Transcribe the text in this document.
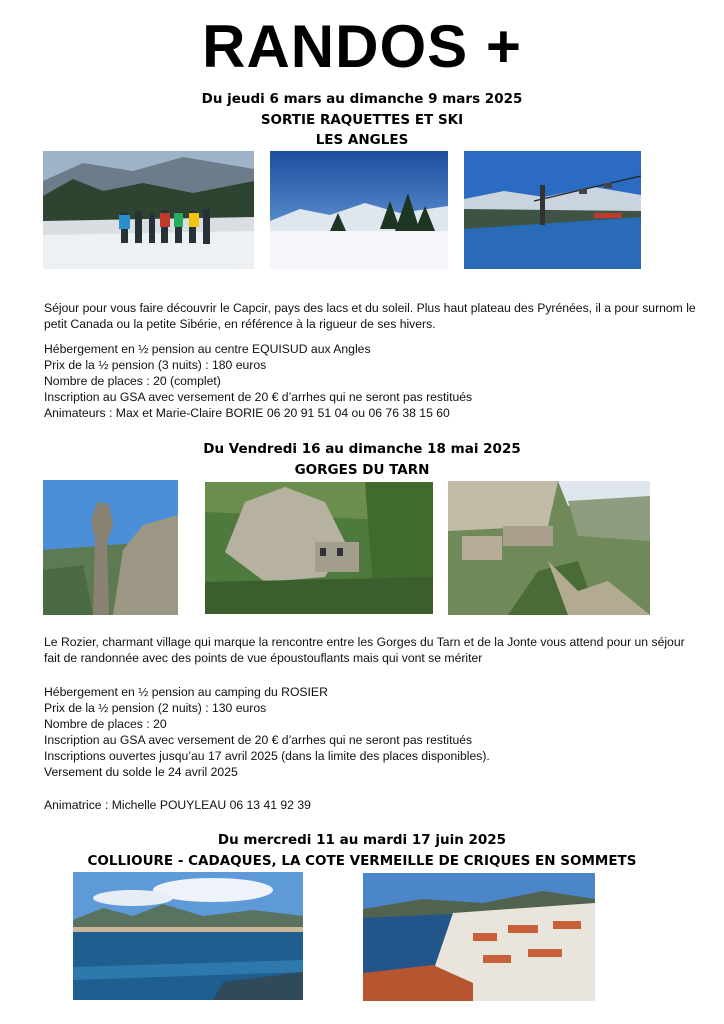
RANDOS +
Du jeudi 6 mars au dimanche 9 mars 2025
SORTIE RAQUETTES ET SKI
LES ANGLES
Séjour pour vous faire découvrir le Capcir, pays des lacs et du soleil. Plus haut plateau des Pyrénées, il a pour surnom le petit Canada ou la petite Sibérie, en référence à la rigueur de ses hivers.
Hébergement en ½ pension au centre EQUISUD aux Angles
Prix de la ½ pension (3 nuits) : 180 euros
Nombre de places : 20 (complet)
Inscription au GSA avec versement de 20 € d’arrhes qui ne seront pas restitués
Animateurs : Max et Marie-Claire BORIE 06 20 91 51 04 ou 06 76 38 15 60
Du Vendredi 16 au dimanche 18 mai 2025
GORGES DU TARN
Le Rozier, charmant village qui marque la rencontre entre les Gorges du Tarn et de la Jonte vous attend pour un séjour fait de randonnée avec des points de vue époustouflants mais qui vont se mériter
Hébergement en ½ pension au camping du ROSIER
Prix de la ½ pension (2 nuits) : 130 euros
Nombre de places : 20
Inscription au GSA avec versement de 20 € d’arrhes qui ne seront pas restitués
Inscriptions ouvertes jusqu’au 17 avril 2025 (dans la limite des places disponibles).
Versement du solde le 24 avril 2025
Animatrice : Michelle POUYLEAU 06 13 41 92 39
Du mercredi 11 au mardi 17 juin 2025
COLLIOURE - CADAQUES, LA COTE VERMEILLE DE CRIQUES EN SOMMETS
